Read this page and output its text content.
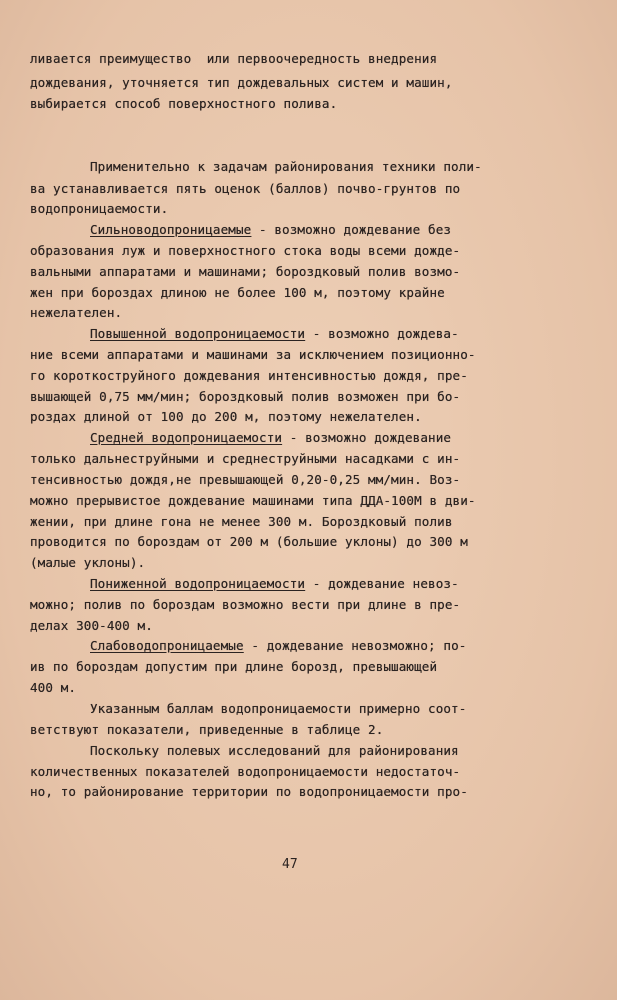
ливается преимущество  или первоочередность внедрения
дождевания, уточняется тип дождевальных систем и машин,
выбирается способ поверхностного полива.
Применительно к задачам районирования техники поли-
ва устанавливается пять оценок (баллов) почво-грунтов по
водопроницаемости.
Сильноводопроницаемые - возможно дождевание без
образования луж и поверхностного стока воды всеми дожде-
вальными аппаратами и машинами; бороздковый полив возмо-
жен при бороздах длиною не более 100 м, поэтому крайне
нежелателен.
Повышенной водопроницаемости - возможно дождева-
ние всеми аппаратами и машинами за исключением позиционно-
го короткоструйного дождевания интенсивностью дождя, пре-
вышающей 0,75 мм/мин; бороздковый полив возможен при бо-
роздах длиной от 100 до 200 м, поэтому нежелателен.
Средней водопроницаемости - возможно дождевание
только дальнеструйными и среднеструйными насадками с ин-
тенсивностью дождя,не превышающей 0,20-0,25 мм/мин. Воз-
можно прерывистое дождевание машинами типа ДДА-100М в дви-
жении, при длине гона не менее 300 м. Бороздковый полив
проводится по бороздам от 200 м (большие уклоны) до 300 м
(малые уклоны).
Пониженной водопроницаемости - дождевание невоз-
можно; полив по бороздам возможно вести при длине в пре-
делах 300-400 м.
Слабоводопроницаемые - дождевание невозможно; по-
ив по бороздам допустим при длине борозд, превышающей
400 м.
Указанным баллам водопроницаемости примерно соот-
ветствуют показатели, приведенные в таблице 2.
Поскольку полевых исследований для районирования
количественных показателей водопроницаемости недостаточ-
но, то районирование территории по водопроницаемости про-
47
